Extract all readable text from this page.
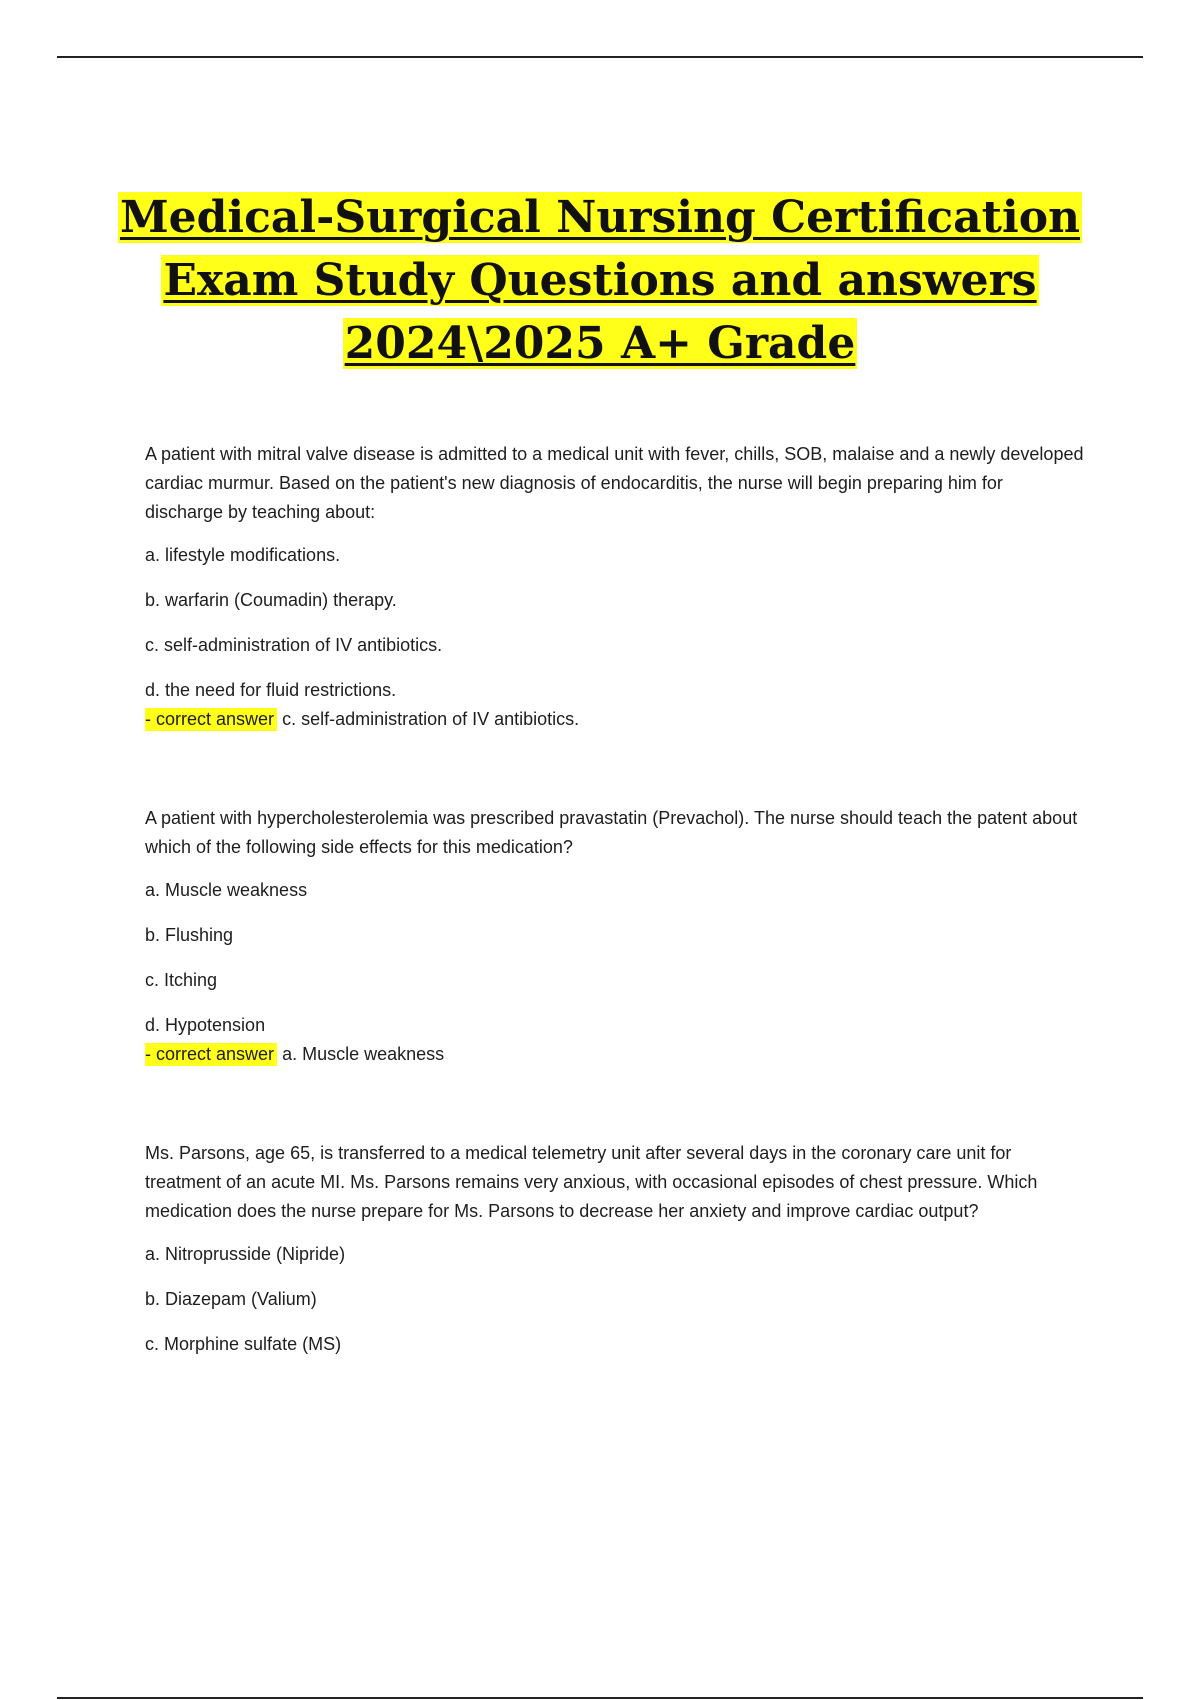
Medical-Surgical Nursing Certification
Exam Study Questions and answers
2024\2025 A+ Grade

A patient with mitral valve disease is admitted to a medical unit with fever, chills, SOB, malaise and a newly developed cardiac murmur. Based on the patient's new diagnosis of endocarditis, the nurse will begin preparing him for discharge by teaching about:

a. lifestyle modifications.

b. warfarin (Coumadin) therapy.

c. self-administration of IV antibiotics.

d. the need for fluid restrictions.

- correct answer c. self-administration of IV antibiotics.

A patient with hypercholesterolemia was prescribed pravastatin (Prevachol). The nurse should teach the patent about which of the following side effects for this medication?

a. Muscle weakness

b. Flushing

c. Itching

d. Hypotension

- correct answer a. Muscle weakness

Ms. Parsons, age 65, is transferred to a medical telemetry unit after several days in the coronary care unit for treatment of an acute MI. Ms. Parsons remains very anxious, with occasional episodes of chest pressure. Which medication does the nurse prepare for Ms. Parsons to decrease her anxiety and improve cardiac output?

a. Nitroprusside (Nipride)

b. Diazepam (Valium)

c. Morphine sulfate (MS)
